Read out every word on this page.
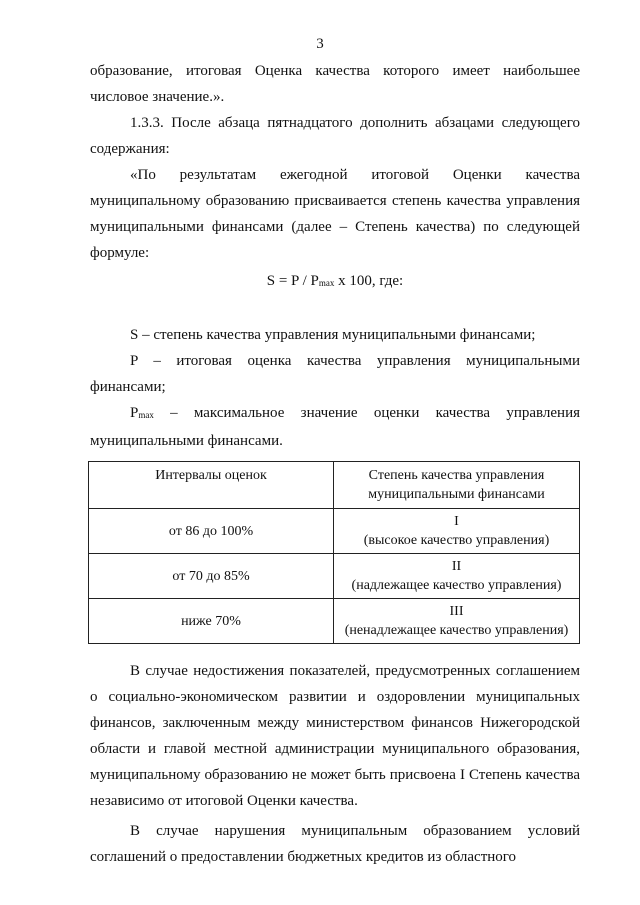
3

образование, итоговая Оценка качества которого имеет наибольшее числовое значение.».

1.3.3. После абзаца пятнадцатого дополнить абзацами следующего содержания:

«По результатам ежегодной итоговой Оценки качества муниципальному образованию присваивается степень качества управления муниципальными финансами (далее – Степень качества) по следующей формуле:

$S = P / P_{max}$ x 100, где:

S – степень качества управления муниципальными финансами;

P – итоговая оценка качества управления муниципальными финансами;

$P_{max}$ – максимальное значение оценки качества управления муниципальными финансами.

Интервалы оценок	Степень качества управления муниципальными финансами
от 86 до 100%	I
(высокое качество управления)

от 70 до 85%	II
(надлежащее качество управления)

ниже 70%	III
(ненадлежащее качество управления)

В случае недостижения показателей, предусмотренных соглашением о социально-экономическом развитии и оздоровлении муниципальных финансов, заключенным между министерством финансов Нижегородской области и главой местной администрации муниципального образования, муниципальному образованию не может быть присвоена I Степень качества независимо от итоговой Оценки качества.

В случае нарушения муниципальным образованием условий соглашений о предоставлении бюджетных кредитов из областного
